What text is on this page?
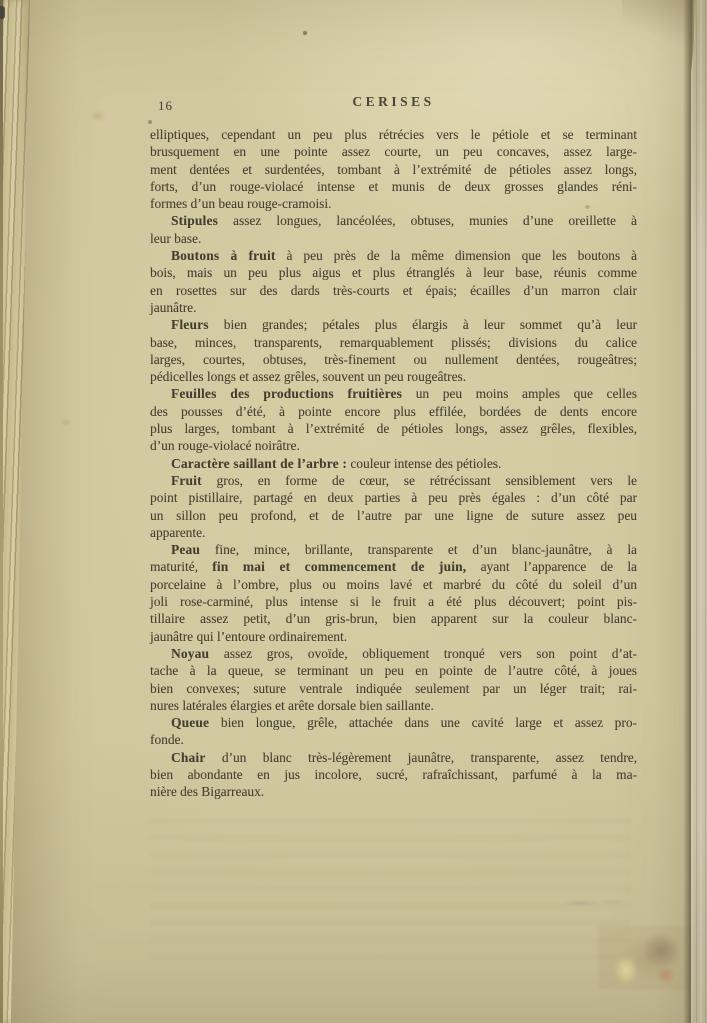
16	CERISES
elliptiques, cependant un peu plus rétrécies vers le pétiole et se terminant
brusquement en une pointe assez courte, un peu concaves, assez large-
ment dentées et surdentées, tombant à l’extrémité de pétioles assez longs,
forts, d’un rouge-violacé intense et munis de deux grosses glandes réni-
formes d’un beau rouge-cramoisi.
Stipules assez longues, lancéolées, obtuses, munies d’une oreillette à
leur base.
Boutons à fruit à peu près de la même dimension que les boutons à
bois, mais un peu plus aigus et plus étranglés à leur base, réunis comme
en rosettes sur des dards très-courts et épais; écailles d’un marron clair
jaunâtre.
Fleurs bien grandes; pétales plus élargis à leur sommet qu’à leur
base, minces, transparents, remarquablement plissés; divisions du calice
larges, courtes, obtuses, très-finement ou nullement dentées, rougeâtres;
pédicelles longs et assez grêles, souvent un peu rougeâtres.
Feuilles des productions fruitières un peu moins amples que celles
des pousses d’été, à pointe encore plus effilée, bordées de dents encore
plus larges, tombant à l’extrémité de pétioles longs, assez grêles, flexibles,
d’un rouge-violacé noirâtre.
Caractère saillant de l’arbre : couleur intense des pétioles.
Fruit gros, en forme de cœur, se rétrécissant sensiblement vers le
point pistillaire, partagé en deux parties à peu près égales : d’un côté par
un sillon peu profond, et de l’autre par une ligne de suture assez peu
apparente.
Peau fine, mince, brillante, transparente et d’un blanc-jaunâtre, à la
maturité, fin mai et commencement de juin, ayant l’apparence de la
porcelaine à l’ombre, plus ou moins lavé et marbré du côté du soleil d’un
joli rose-carminé, plus intense si le fruit a été plus découvert; point pis-
tillaire assez petit, d’un gris-brun, bien apparent sur la couleur blanc-
jaunâtre qui l’entoure ordinairement.
Noyau assez gros, ovoïde, obliquement tronqué vers son point d’at-
tache à la queue, se terminant un peu en pointe de l’autre côté, à joues
bien convexes; suture ventrale indiquée seulement par un léger trait; rai-
nures latérales élargies et arête dorsale bien saillante.
Queue bien longue, grêle, attachée dans une cavité large et assez pro-
fonde.
Chair d’un blanc très-légèrement jaunâtre, transparente, assez tendre,
bien abondante en jus incolore, sucré, rafraîchissant, parfumé à la ma-
nière des Bigarreaux.
